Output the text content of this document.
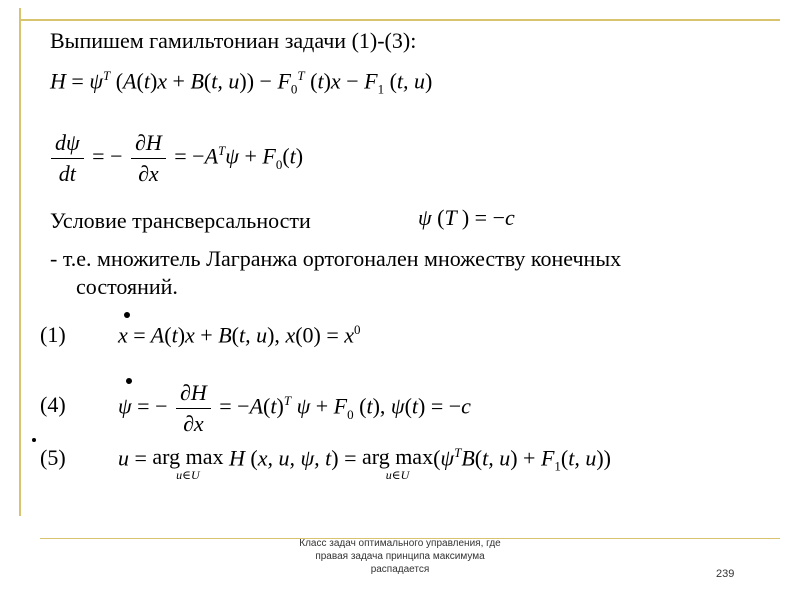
Выпишем гамильтониан задачи (1)-(3):
$H = \psi^T$ (A(t)x + B(t, $u)) - F_0^T$ $(t)x - F_1$ (t, u)
$\frac{d\psi}{dt}$ = − $\frac{\partial H}{\partial x} = -A^T\psi + F_0(t)$
Условие трансверсальности	ψ (T ) = −c
- т.е. множитель Лагранжа ортогонален множеству конечных
состояний.
(1) x = A(t)x + B(t, u), $x(0) = x^0$
(4) ψ = − $\frac{\partial H}{\partial x} = -A(t)^T$ $\psi + F_0$ (t), ψ(t) = −c
(5) u = arg max
u∈U
H (x, u, ψ, t) = arg max
u∈U
($\psi^TB(t$, $u) + F_1(t$, u))
Класс задач оптимального управления, где
правая задача принципа максимума
распадается	239
